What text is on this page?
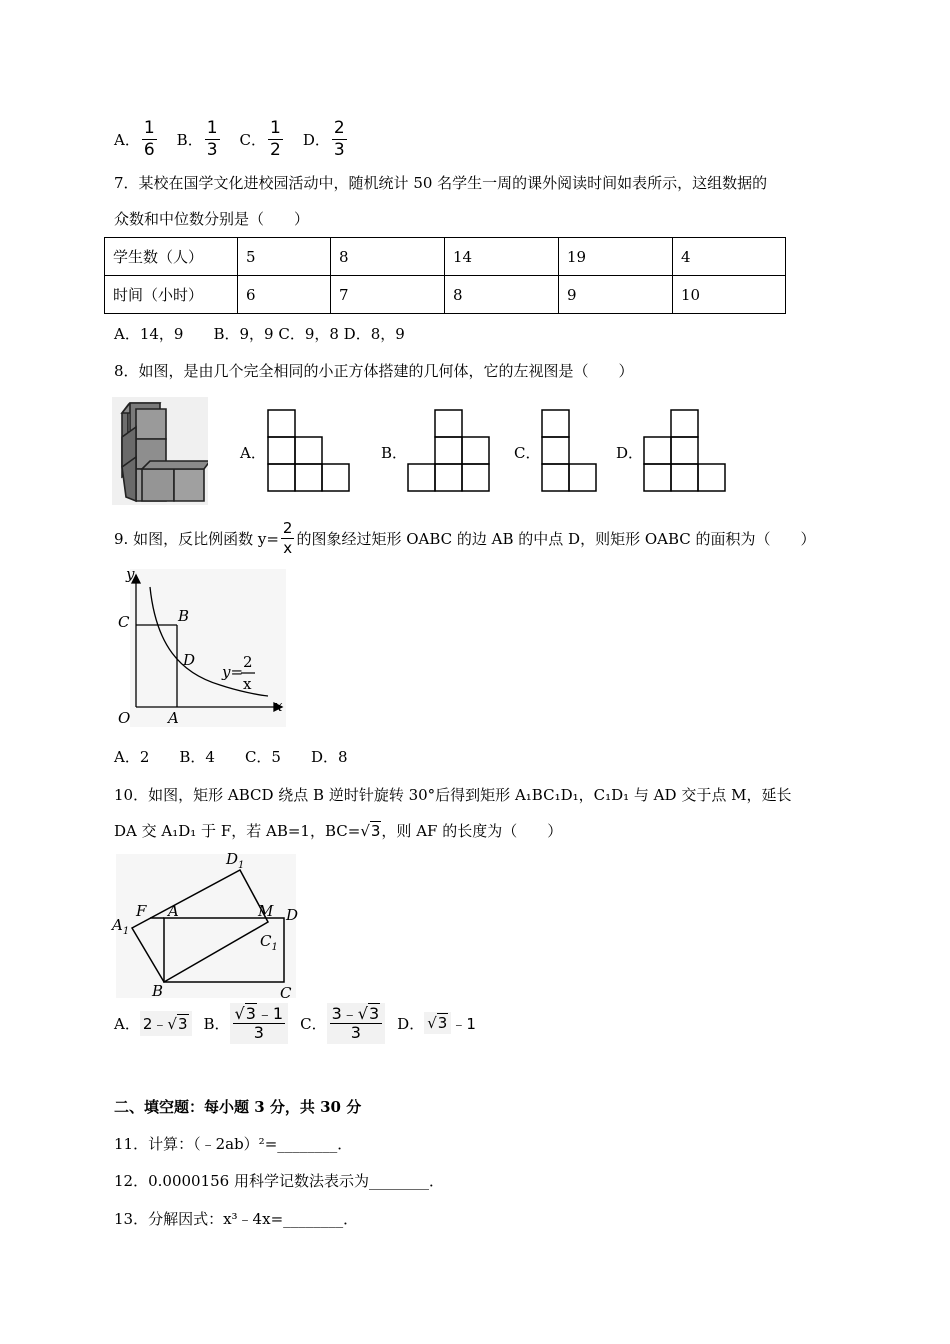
A． $\frac{1}{6}$ B． $\frac{1}{3}$ C． $\frac{1}{2}$ D． $\frac{2}{3}$
7．某校在国学文化进校园活动中，随机统计 50 名学生一周的课外阅读时间如表所示，这组数据的
众数和中位数分别是（　　）
学生数（人）	5	8	14	19	4
时间（小时）	6	7	8	9	10
A．14，9　　B．9，9 C．9，8 D．8，9
8．如图，是由几个完全相同的小正方体搭建的几何体，它的左视图是（　　）
A．	B．	C．	D．
9. 如图，反比例函数 $y= \frac{2}{x}$ 的图象经过矩形 OABC 的边 AB 的中点 D，则矩形 OABC 的面积为（　　）
y
x
O	A
B
C
D
y=
2
x
A．2　　B．4　　C．5　　D．8
10．如图，矩形 ABCD 绕点 B 逆时针旋转 30°后得到矩形 A₁BC₁D₁，C₁D₁ 与 AD 交于点 M，延长
DA 交 A₁D₁ 于 F，若 AB=1，BC=√3，则 AF 的长度为（　　）
$D_1$
F A	M D
$A_1$
$C_1$
B	C
A． 2﹣√3 B．
√3﹣1
3	C．
3﹣√3
3	D． √3 ﹣1
二、填空题：每小题 3 分，共 30 分
11．计算：（﹣2ab）²=________．
12．0.0000156 用科学记数法表示为________．
13．分解因式：x³﹣4x=________．
